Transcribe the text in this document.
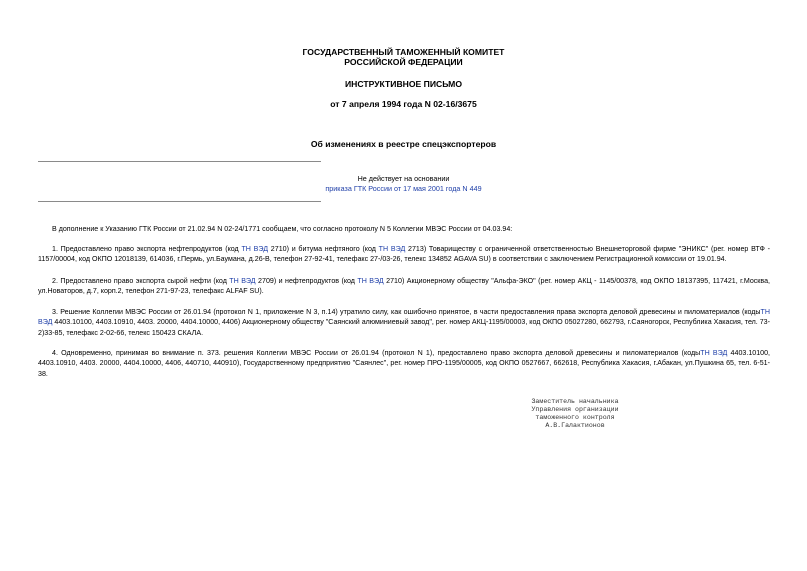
ГОСУДАРСТВЕННЫЙ ТАМОЖЕННЫЙ КОМИТЕТ
РОССИЙСКОЙ ФЕДЕРАЦИИ
ИНСТРУКТИВНОЕ ПИСЬМО
от 7 апреля 1994 года N 02-16/3675
Об изменениях в реестре спецэкспортеров
Не действует на основании
приказа ГТК России от 17 мая 2001 года N 449

В дополнение к Указанию ГТК России от 21.02.94 N 02-24/1771 сообщаем, что согласно протоколу N 5 Коллегии МВЭС России от 04.03.94:

1. Предоставлено право экспорта нефтепродуктов (код ТН ВЭД 2710) и битума нефтяного (код ТН ВЭД 2713) Товариществу с ограниченной ответственностью Внешнеторговой фирме "ЭНИКС" (рег. номер ВТФ - 1157/00004, код ОКПО 12018139, 614036, г.Пермь, ул.Баумана, д.26-В, телефон 27-92-41, телефакс 27-/03-26, телекс 134852 AGAVA SU) в соответствии с заключением Регистрационной комиссии от 19.01.94.

2. Предоставлено право экспорта сырой нефти (код ТН ВЭД 2709) и нефтепродуктов (код ТН ВЭД 2710) Акционерному обществу "Альфа-ЭКО" (рег. номер АКЦ - 1145/00378, код ОКПО 18137395, 117421, г.Москва, ул.Новаторов, д.7, корп.2, телефон 271-97-23, телефакс ALFAF SU).

3. Решение Коллегии МВЭС России от 26.01.94 (протокол N 1, приложение N 3, п.14) утратило силу, как ошибочно принятое, в части предоставления права экспорта деловой древесины и пиломатериалов (кодыТН ВЭД 4403.10100, 4403.10910, 4403. 20000, 4404.10000, 4406) Акционерному обществу "Саянский алюминиевый завод", рег. номер АКЦ-1195/00003, код ОКПО 05027280, 662793, г.Саяногорск, Республика Хакасия, тел. 73-2)33-85, телефакс 2-02-66, телекс 150423 СКАЛА.

4. Одновременно, принимая во внимание п. 373. решения Коллегии МВЭС России от 26.01.94 (протокол N 1), предоставлено право экспорта деловой древесины и пиломатериалов (кодыТН ВЭД 4403.10100, 4403.10910, 4403. 20000, 4404.10000, 4406, 440710, 440910), Государственному предприятию "Саянлес", рег. номер ПРО-1195/00005, код ОКПО 0527667, 662618, Республика Хакасия, г.Абакан, ул.Пушкина 65, тел. 6-51-38.

Заместитель начальника
Управления организации
таможенного контроля
А.В.Галактионов
